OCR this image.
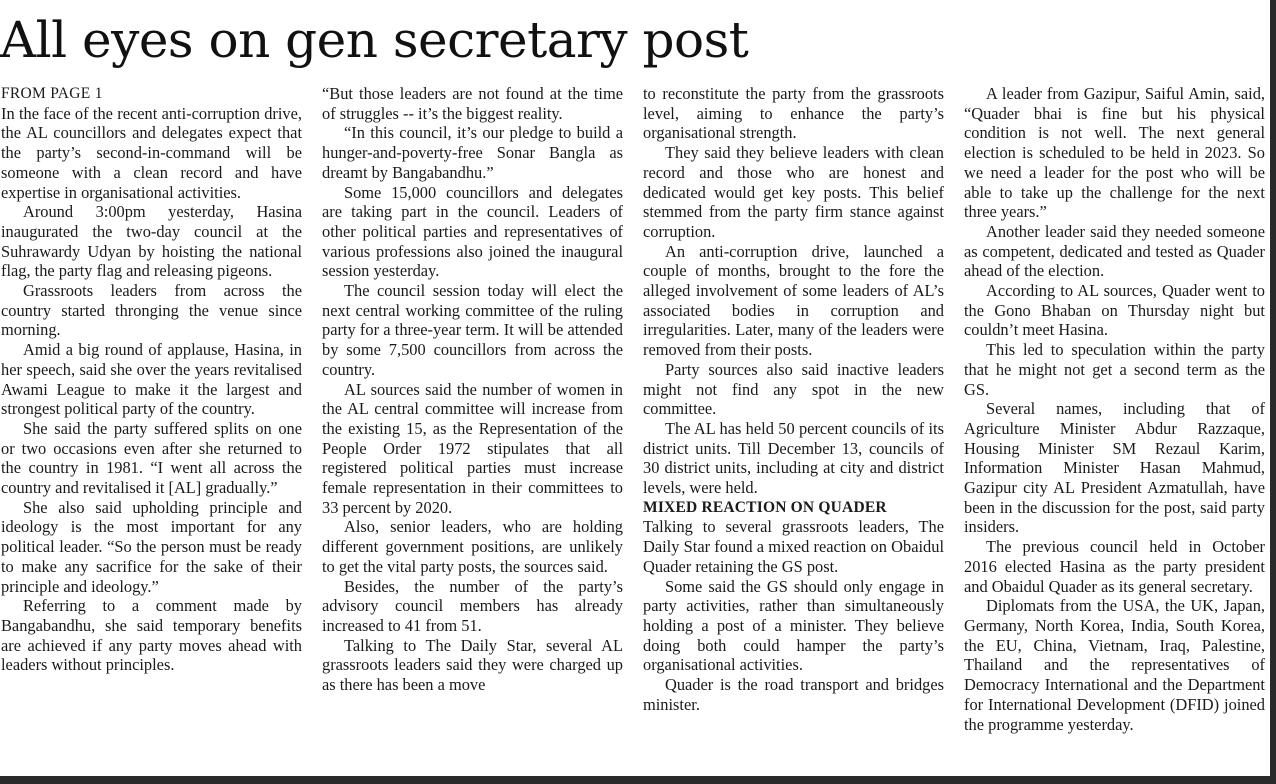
All eyes on gen secretary post
FROM PAGE 1

In the face of the recent anti-corruption drive, the AL councillors and delegates expect that the party’s second-in-command will be someone with a clean record and have expertise in organisational activities.

Around 3:00pm yesterday, Hasina inaugurated the two-day council at the Suhrawardy Udyan by hoisting the national flag, the party flag and releasing pigeons.

Grassroots leaders from across the country started thronging the venue since morning.

Amid a big round of applause, Hasina, in her speech, said she over the years revitalised Awami League to make it the largest and strongest political party of the country.

She said the party suffered splits on one or two occasions even after she returned to the country in 1981. “I went all across the country and revitalised it [AL] gradually.”

She also said upholding principle and ideology is the most important for any political leader. “So the person must be ready to make any sacrifice for the sake of their principle and ideology.”

Referring to a comment made by Bangabandhu, she said temporary benefits are achieved if any party moves ahead with leaders without principles.

“But those leaders are not found at the time of struggles -- it’s the biggest reality.

“In this council, it’s our pledge to build a hunger-and-poverty-free Sonar Bangla as dreamt by Bangabandhu.”

Some 15,000 councillors and delegates are taking part in the council. Leaders of other political parties and representatives of various professions also joined the inaugural session yesterday.

The council session today will elect the next central working committee of the ruling party for a three-year term. It will be attended by some 7,500 councillors from across the country.

AL sources said the number of women in the AL central committee will increase from the existing 15, as the Representation of the People Order 1972 stipulates that all registered political parties must increase female representation in their committees to 33 percent by 2020.

Also, senior leaders, who are holding different government positions, are unlikely to get the vital party posts, the sources said.

Besides, the number of the party’s advisory council members has already increased to 41 from 51.

Talking to The Daily Star, several AL grassroots leaders said they were charged up as there has been a move

to reconstitute the party from the grassroots level, aiming to enhance the party’s organisational strength.

They said they believe leaders with clean record and those who are honest and dedicated would get key posts. This belief stemmed from the party firm stance against corruption.

An anti-corruption drive, launched a couple of months, brought to the fore the alleged involvement of some leaders of AL’s associated bodies in corruption and irregularities. Later, many of the leaders were removed from their posts.

Party sources also said inactive leaders might not find any spot in the new committee.

The AL has held 50 percent councils of its district units. Till December 13, councils of 30 district units, including at city and district levels, were held.

MIXED REACTION ON QUADER

Talking to several grassroots leaders, The Daily Star found a mixed reaction on Obaidul Quader retaining the GS post.

Some said the GS should only engage in party activities, rather than simultaneously holding a post of a minister. They believe doing both could hamper the party’s organisational activities.

Quader is the road transport and bridges minister.

A leader from Gazipur, Saiful Amin, said, “Quader bhai is fine but his physical condition is not well. The next general election is scheduled to be held in 2023. So we need a leader for the post who will be able to take up the challenge for the next three years.”

Another leader said they needed someone as competent, dedicated and tested as Quader ahead of the election.

According to AL sources, Quader went to the Gono Bhaban on Thursday night but couldn’t meet Hasina.

This led to speculation within the party that he might not get a second term as the GS.

Several names, including that of Agriculture Minister Abdur Razzaque, Housing Minister SM Rezaul Karim, Information Minister Hasan Mahmud, Gazipur city AL President Azmatullah, have been in the discussion for the post, said party insiders.

The previous council held in October 2016 elected Hasina as the party president and Obaidul Quader as its general secretary.

Diplomats from the USA, the UK, Japan, Germany, North Korea, India, South Korea, the EU, China, Vietnam, Iraq, Palestine, Thailand and the representatives of Democracy International and the Department for International Development (DFID) joined the programme yesterday.
